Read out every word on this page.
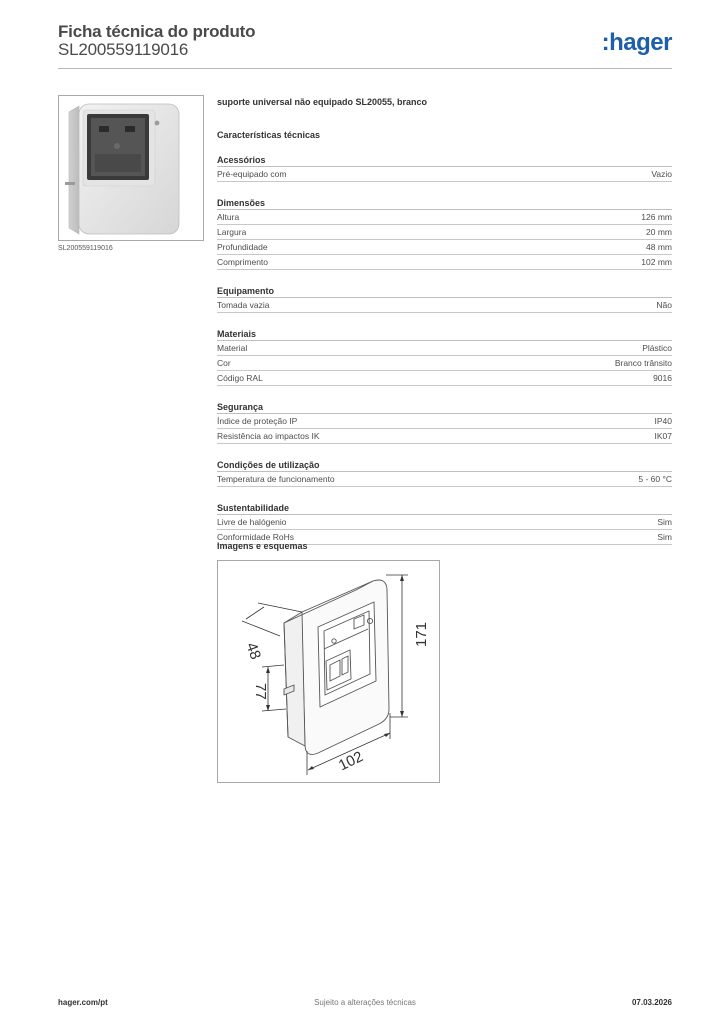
Ficha técnica do produto
SL200559119016	:hager
SL200559119016
suporte universal não equipado SL20055, branco
Características técnicas
Acessórios
Pré-equipado com	Vazio
Dimensões
Altura	126 mm
Largura	20 mm
Profundidade	48 mm
Comprimento	102 mm
Equipamento
Tomada vazia	Não
Materiais
Material	Plástico
Cor	Branco trânsito
Código RAL	9016
Segurança
Índice de proteção IP	IP40
Resistência ao impactos IK	IK07
Condições de utilização
Temperatura de funcionamento	5 - 60 °C
Sustentabilidade
Livre de halógenio	Sim
Conformidade RoHs	Sim
Imagens e esquemas
48
171
77
102
hager.com/pt	Sujeito a alterações técnicas	07.03.2026
